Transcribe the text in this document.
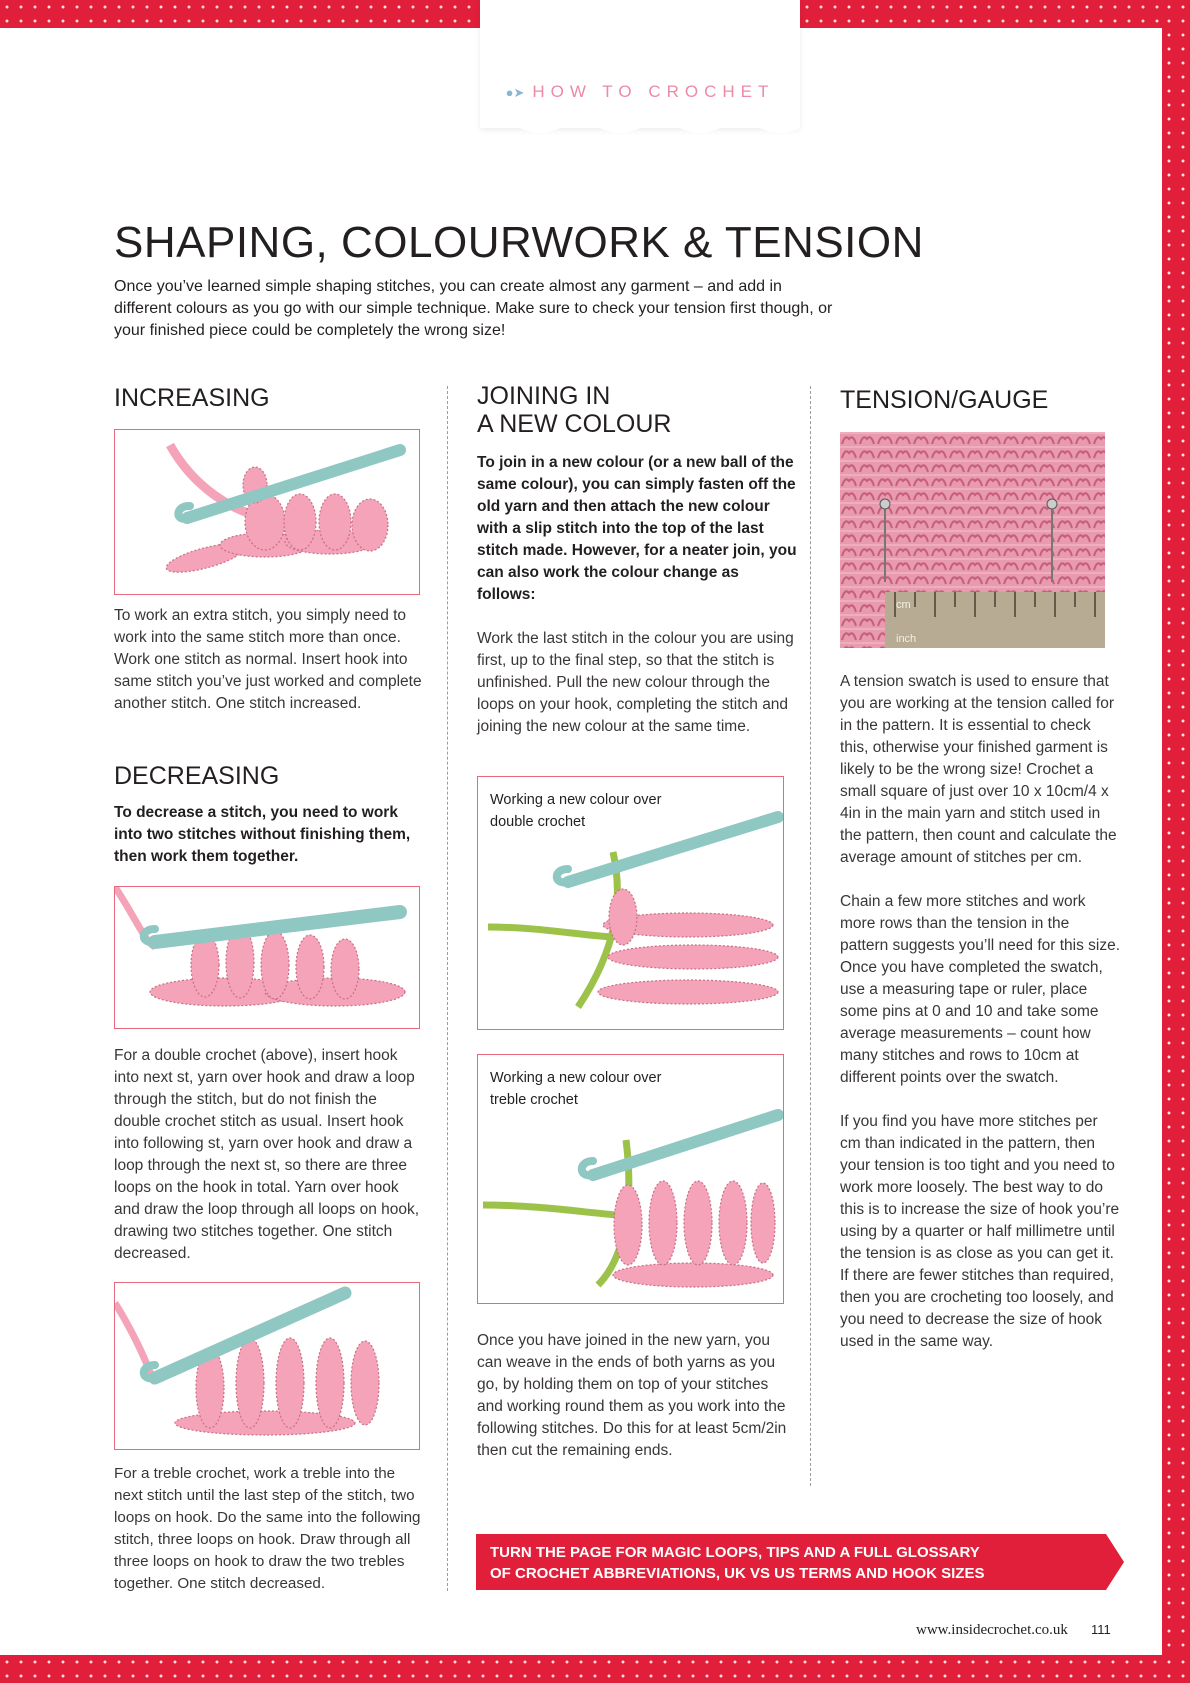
●➤ HOW TO CROCHET
SHAPING, COLOURWORK & TENSION

Once you’ve learned simple shaping stitches, you can create almost any garment – and add in different colours as you go with our simple technique. Make sure to check your tension first though, or your finished piece could be completely the wrong size!

INCREASING

To work an extra stitch, you simply need to work into the same stitch more than once. Work one stitch as normal. Insert hook into same stitch you’ve just worked and complete another stitch. One stitch increased.

DECREASING

To decrease a stitch, you need to work into two stitches without finishing them, then work them together.

For a double crochet (above), insert hook into next st, yarn over hook and draw a loop through the stitch, but do not finish the double crochet stitch as usual. Insert hook into following st, yarn over hook and draw a loop through the next st, so there are three loops on the hook in total. Yarn over hook and draw the loop through all loops on hook, drawing two stitches together. One stitch decreased.

For a treble crochet, work a treble into the next stitch until the last step of the stitch, two loops on hook. Do the same into the following stitch, three loops on hook. Draw through all three loops on hook to draw the two trebles together. One stitch decreased.

JOINING IN
A NEW COLOUR

To join in a new colour (or a new ball of the same colour), you can simply fasten off the old yarn and then attach the new colour with a slip stitch into the top of the last stitch made. However, for a neater join, you can also work the colour change as follows:

Work the last stitch in the colour you are using first, up to the final step, so that the stitch is unfinished. Pull the new colour through the loops on your hook, completing the stitch and joining the new colour at the same time.

Working a new colour over
double crochet
Working a new colour over
treble crochet

Once you have joined in the new yarn, you can weave in the ends of both yarns as you go, by holding them on top of your stitches and working round them as you work into the following stitches. Do this for at least 5cm/2in then cut the remaining ends.

TENSION/GAUGE
cm
inch

A tension swatch is used to ensure that you are working at the tension called for in the pattern. It is essential to check this, otherwise your finished garment is likely to be the wrong size! Crochet a small square of just over 10 x 10cm/4 x 4in in the main yarn and stitch used in the pattern, then count and calculate the average amount of stitches per cm.

Chain a few more stitches and work more rows than the tension in the pattern suggests you’ll need for this size. Once you have completed the swatch, use a measuring tape or ruler, place some pins at 0 and 10 and take some average measurements – count how many stitches and rows to 10cm at different points over the swatch.

If you find you have more stitches per cm than indicated in the pattern, then your tension is too tight and you need to work more loosely. The best way to do this is to increase the size of hook you’re using by a quarter or half millimetre until the tension is as close as you can get it. If there are fewer stitches than required, then you are crocheting too loosely, and you need to decrease the size of hook used in the same way.

TURN THE PAGE FOR MAGIC LOOPS, TIPS AND A FULL GLOSSARY
OF CROCHET ABBREVIATIONS, UK VS US TERMS AND HOOK SIZES
www.insidecrochet.co.uk 111
